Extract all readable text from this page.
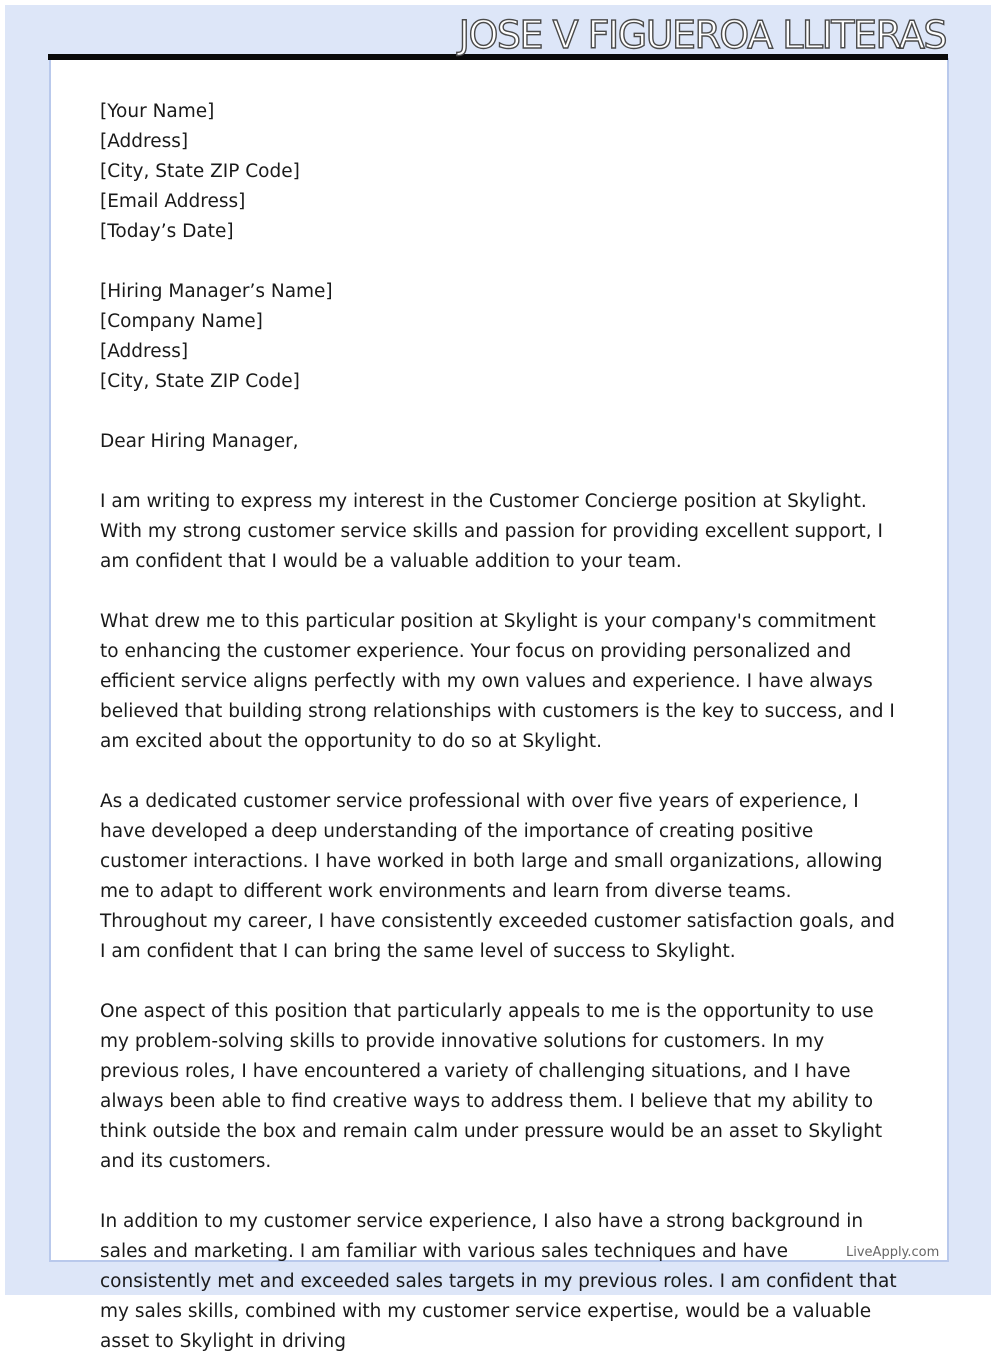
JOSE V FIGUEROA LLITERAS
[Your Name]
[Address]
[City, State ZIP Code]
[Email Address]
[Today’s Date]
[Hiring Manager’s Name]
[Company Name]
[Address]
[City, State ZIP Code]
Dear Hiring Manager,

I am writing to express my interest in the Customer Concierge position at Skylight. With my strong customer service skills and passion for providing excellent support, I am confident that I would be a valuable addition to your team.

What drew me to this particular position at Skylight is your company's commitment to enhancing the customer experience. Your focus on providing personalized and efficient service aligns perfectly with my own values and experience. I have always believed that building strong relationships with customers is the key to success, and I am excited about the opportunity to do so at Skylight.

As a dedicated customer service professional with over five years of experience, I have developed a deep understanding of the importance of creating positive customer interactions. I have worked in both large and small organizations, allowing me to adapt to different work environments and learn from diverse teams. Throughout my career, I have consistently exceeded customer satisfaction goals, and I am confident that I can bring the same level of success to Skylight.

One aspect of this position that particularly appeals to me is the opportunity to use my problem-solving skills to provide innovative solutions for customers. In my previous roles, I have encountered a variety of challenging situations, and I have always been able to find creative ways to address them. I believe that my ability to think outside the box and remain calm under pressure would be an asset to Skylight and its customers.

In addition to my customer service experience, I also have a strong background in sales and marketing. I am familiar with various sales techniques and have consistently met and exceeded sales targets in my previous roles. I am confident that my sales skills, combined with my customer service expertise, would be a valuable asset to Skylight in driving

LiveApply.com
